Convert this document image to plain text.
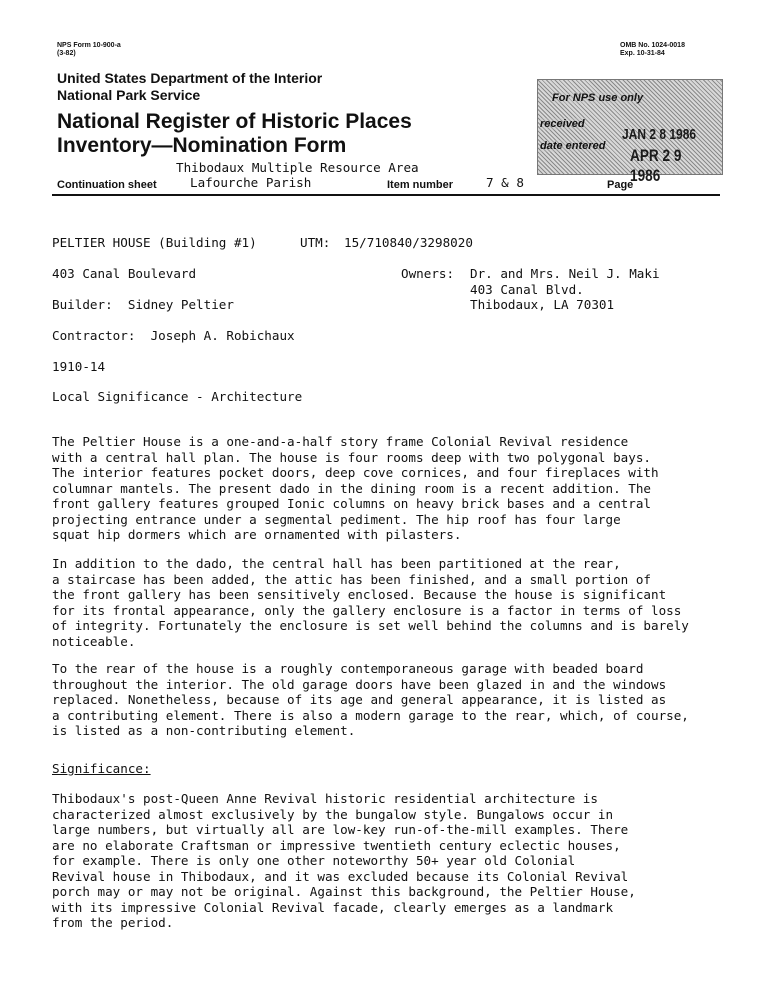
NPS Form 10-900-a
(3-82)
OMB No. 1024-0018
Exp. 10-31-84
United States Department of the Interior
National Park Service
National Register of Historic Places
Inventory—Nomination Form
Thibodaux Multiple Resource Area
Lafourche Parish
Continuation sheet	Item number	7 & 8	Page
For NPS use only
received
JAN 2 8 1986
date entered APR 2 9 1986
PELTIER HOUSE (Building #1)	UTM: 15/710840/3298020
403 Canal Boulevard	Owners: Dr. and Mrs. Neil J. Maki
403 Canal Blvd.
Thibodaux, LA 70301
Builder:  Sidney Peltier
Contractor:  Joseph A. Robichaux
1910-14
Local Significance - Architecture

The Peltier House is a one-and-a-half story frame Colonial Revival residence
with a central hall plan. The house is four rooms deep with two polygonal bays.
The interior features pocket doors, deep cove cornices, and four fireplaces with
columnar mantels. The present dado in the dining room is a recent addition. The
front gallery features grouped Ionic columns on heavy brick bases and a central
projecting entrance under a segmental pediment. The hip roof has four large
squat hip dormers which are ornamented with pilasters.

In addition to the dado, the central hall has been partitioned at the rear,
a staircase has been added, the attic has been finished, and a small portion of
the front gallery has been sensitively enclosed. Because the house is significant
for its frontal appearance, only the gallery enclosure is a factor in terms of loss
of integrity. Fortunately the enclosure is set well behind the columns and is barely
noticeable.

To the rear of the house is a roughly contemporaneous garage with beaded board
throughout the interior. The old garage doors have been glazed in and the windows
replaced. Nonetheless, because of its age and general appearance, it is listed as
a contributing element. There is also a modern garage to the rear, which, of course,
is listed as a non-contributing element.

Significance:

Thibodaux's post-Queen Anne Revival historic residential architecture is
characterized almost exclusively by the bungalow style. Bungalows occur in
large numbers, but virtually all are low-key run-of-the-mill examples. There
are no elaborate Craftsman or impressive twentieth century eclectic houses,
for example. There is only one other noteworthy 50+ year old Colonial
Revival house in Thibodaux, and it was excluded because its Colonial Revival
porch may or may not be original. Against this background, the Peltier House,
with its impressive Colonial Revival facade, clearly emerges as a landmark
from the period.
